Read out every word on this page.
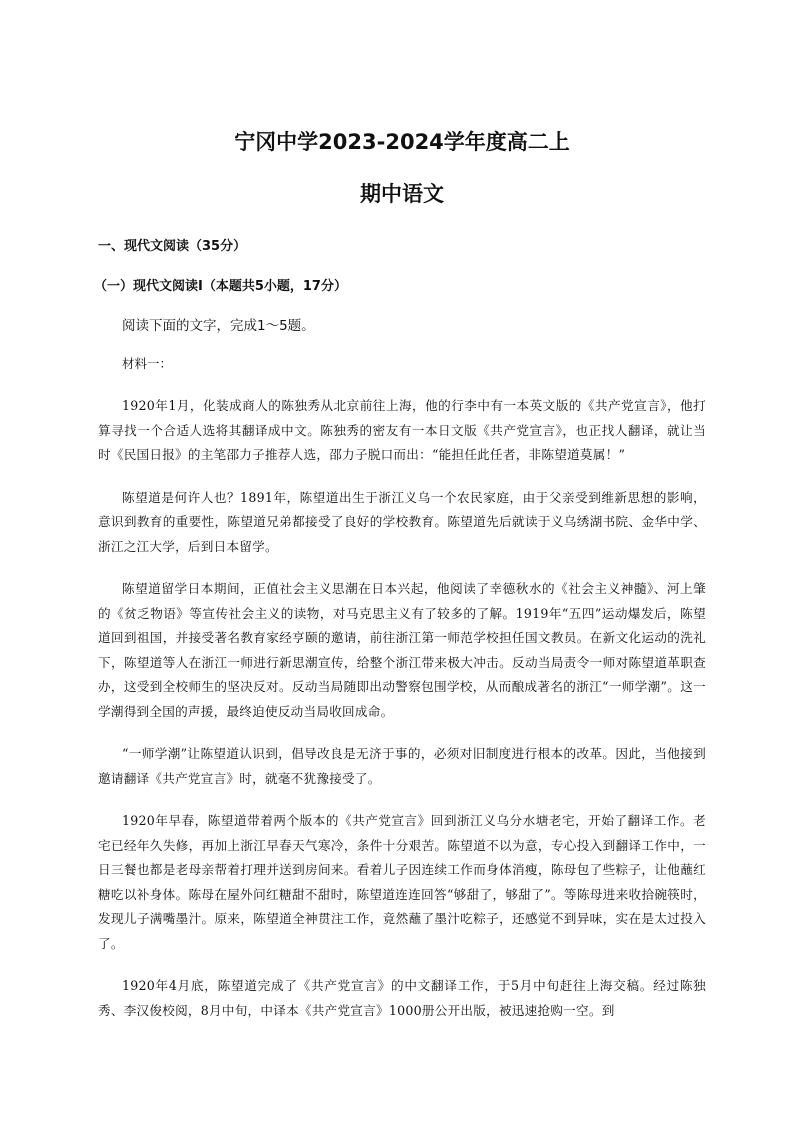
宁冈中学2023-2024学年度高二上
期中语文
一、现代文阅读（35分）
（一）现代文阅读Ⅰ（本题共5小题，17分）

阅读下面的文字，完成1～5题。

材料一：

1920年1月，化装成商人的陈独秀从北京前往上海，他的行李中有一本英文版的《共产党宣言》，他打算寻找一个合适人选将其翻译成中文。陈独秀的密友有一本日文版《共产党宣言》，也正找人翻译，就让当时《民国日报》的主笔邵力子推荐人选，邵力子脱口而出：“能担任此任者，非陈望道莫属！”

陈望道是何许人也？1891年，陈望道出生于浙江义乌一个农民家庭，由于父亲受到维新思想的影响，意识到教育的重要性，陈望道兄弟都接受了良好的学校教育。陈望道先后就读于义乌绣湖书院、金华中学、浙江之江大学，后到日本留学。

陈望道留学日本期间，正值社会主义思潮在日本兴起，他阅读了幸德秋水的《社会主义神髓》、河上肇的《贫乏物语》等宣传社会主义的读物，对马克思主义有了较多的了解。1919年“五四”运动爆发后，陈望道回到祖国，并接受著名教育家经亨颐的邀请，前往浙江第一师范学校担任国文教员。在新文化运动的洗礼下，陈望道等人在浙江一师进行新思潮宣传，给整个浙江带来极大冲击。反动当局责令一师对陈望道革职查办，这受到全校师生的坚决反对。反动当局随即出动警察包围学校，从而酿成著名的浙江“一师学潮”。这一学潮得到全国的声援，最终迫使反动当局收回成命。

“一师学潮”让陈望道认识到，倡导改良是无济于事的，必须对旧制度进行根本的改革。因此，当他接到邀请翻译《共产党宣言》时，就毫不犹豫接受了。

1920年早春，陈望道带着两个版本的《共产党宣言》回到浙江义乌分水塘老宅，开始了翻译工作。老宅已经年久失修，再加上浙江早春天气寒冷，条件十分艰苦。陈望道不以为意，专心投入到翻译工作中，一日三餐也都是老母亲帮着打理并送到房间来。看着儿子因连续工作而身体消瘦，陈母包了些粽子，让他蘸红糖吃以补身体。陈母在屋外问红糖甜不甜时，陈望道连连回答“够甜了，够甜了”。等陈母进来收拾碗筷时，发现儿子满嘴墨汁。原来，陈望道全神贯注工作，竟然蘸了墨汁吃粽子，还感觉不到异味，实在是太过投入了。

1920年4月底，陈望道完成了《共产党宣言》的中文翻译工作，于5月中旬赶往上海交稿。经过陈独秀、李汉俊校阅，8月中旬，中译本《共产党宣言》1000册公开出版，被迅速抢购一空。到
